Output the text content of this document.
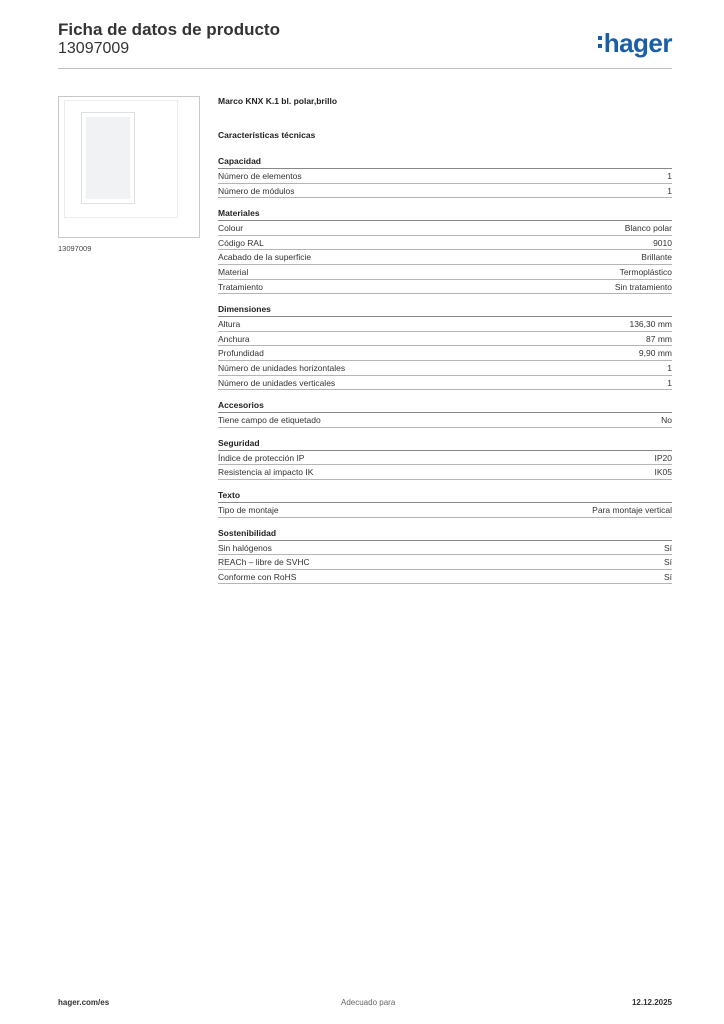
Ficha de datos de producto
13097009	hager
13097009
Marco KNX K.1 bl. polar,brillo
Características técnicas
Capacidad
Número de elementos	1
Número de módulos	1
Materiales
Colour	Blanco polar
Código RAL	9010
Acabado de la superficie	Brillante
Material	Termoplástico
Tratamiento	Sin tratamiento
Dimensiones
Altura	136,30 mm
Anchura	87 mm
Profundidad	9,90 mm
Número de unidades horizontales	1
Número de unidades verticales	1
Accesorios
Tiene campo de etiquetado	No
Seguridad
Índice de protección IP	IP20
Resistencia al impacto IK	IK05
Texto
Tipo de montaje	Para montaje vertical
Sostenibilidad
Sin halógenos	Sí
REACh – libre de SVHC	Sí
Conforme con RoHS	Sí
hager.com/es	Adecuado para	12.12.2025
